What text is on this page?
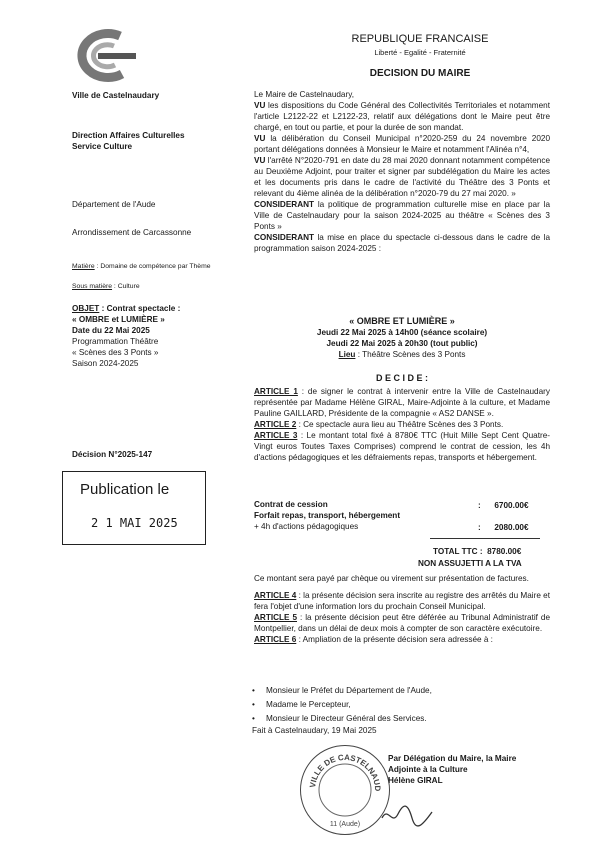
Ville de Castelnaudary
Direction Affaires Culturelles
Service Culture
Département de l'Aude
Arrondissement de Carcassonne
Matière : Domaine de compétence par Thème
Sous matière : Culture
OBJET : Contrat spectacle :
« OMBRE et LUMIÈRE »
Date du 22 Mai 2025
Programmation Théâtre
« Scènes des 3 Ponts »
Saison 2024-2025
Décision N°2025-147
Publication le
2 1 MAI 2025
REPUBLIQUE FRANCAISE
Liberté - Egalité - Fraternité
DECISION DU MAIRE
Le Maire de Castelnaudary,
VU les dispositions du Code Général des Collectivités Territoriales et notamment l'article L2122-22 et L2122-23, relatif aux délégations dont le Maire peut être chargé, en tout ou partie, et pour la durée de son mandat.
VU la délibération du Conseil Municipal n°2020-259 du 24 novembre 2020 portant délégations données à Monsieur le Maire et notamment l'Alinéa n°4,
VU l'arrêté N°2020-791 en date du 28 mai 2020 donnant notamment compétence au Deuxième Adjoint, pour traiter et signer par subdélégation du Maire les actes et les documents pris dans le cadre de l'activité du Théâtre des 3 Ponts et relevant du 4ième alinéa de la délibération n°2020-79 du 27 mai 2020. »
CONSIDERANT la politique de programmation culturelle mise en place par la Ville de Castelnaudary pour la saison 2024-2025 au théâtre « Scènes des 3 Ponts »
CONSIDERANT la mise en place du spectacle ci-dessous dans le cadre de la programmation saison 2024-2025 :
« OMBRE ET LUMIÈRE »
Jeudi 22 Mai 2025 à 14h00 (séance scolaire)
Jeudi 22 Mai 2025 à 20h30 (tout public)
Lieu : Théâtre Scènes des 3 Ponts
D E C I D E :
ARTICLE 1 : de signer le contrat à intervenir entre la Ville de Castelnaudary représentée par Madame Hélène GIRAL, Maire-Adjointe à la culture, et Madame Pauline GAILLARD, Présidente de la compagnie « AS2 DANSE ».
ARTICLE 2 : Ce spectacle aura lieu au Théâtre Scènes des 3 Ponts.
ARTICLE 3 : Le montant total fixé à 8780€ TTC (Huit Mille Sept Cent Quatre-Vingt euros Toutes Taxes Comprises) comprend le contrat de cession, les 4h d'actions pédagogiques et les défraiements repas, transports et hébergement.
Contrat de cession	:      6700.00€
Forfait repas, transport, hébergement
+ 4h d'actions pédagogiques	:      2080.00€
TOTAL TTC :  8780.00€
NON ASSUJETTI A LA TVA
Ce montant sera payé par chèque ou virement sur présentation de factures.
ARTICLE 4 : la présente décision sera inscrite au registre des arrêtés du Maire et fera l'objet d'une information lors du prochain Conseil Municipal.
ARTICLE 5 : la présente décision peut être déférée au Tribunal Administratif de Montpellier, dans un délai de deux mois à compter de son caractère exécutoire.
ARTICLE 6 : Ampliation de la présente décision sera adressée à :
• Monsieur le Préfet du Département de l'Aude,
• Madame le Percepteur,
• Monsieur le Directeur Général des Services.
Fait à Castelnaudary, 19 Mai 2025
VILLE DE CASTELNAUD
11 (Aude)
Par Délégation du Maire, la Maire
Adjointe à la Culture
Hélène GIRAL
